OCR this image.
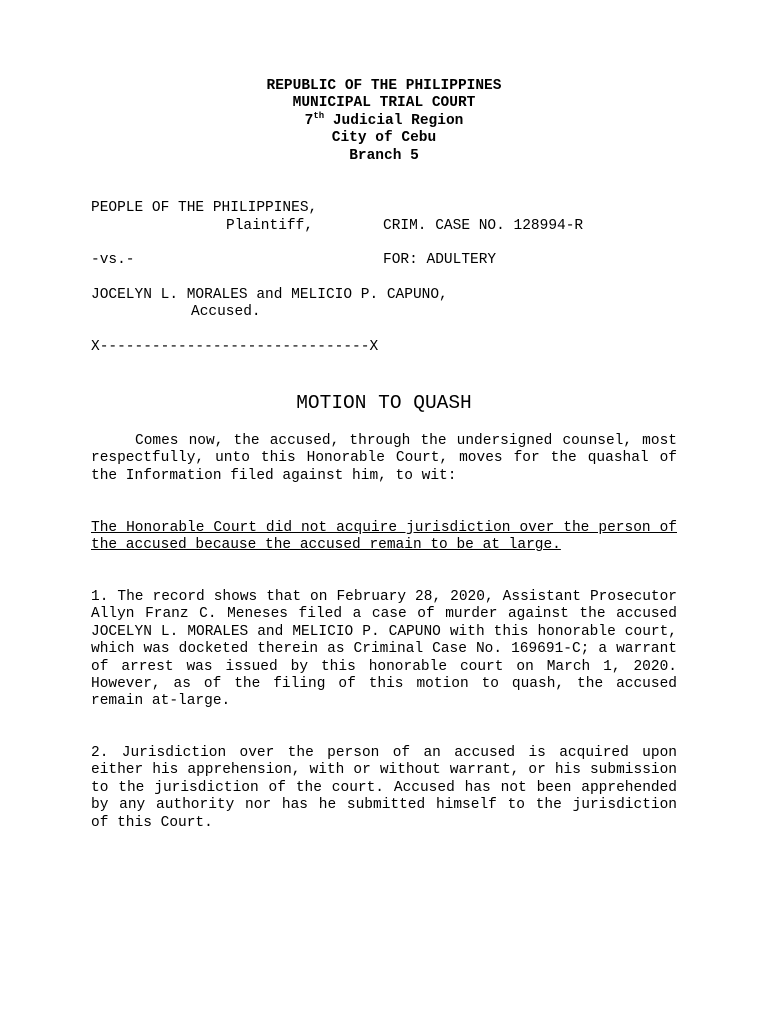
REPUBLIC OF THE PHILIPPINES
MUNICIPAL TRIAL COURT
7th Judicial Region
City of Cebu
Branch 5
PEOPLE OF THE PHILIPPINES,
Plaintiff,	CRIM. CASE NO. 128994-R
-vs.-	FOR: ADULTERY
JOCELYN L. MORALES and MELICIO P. CAPUNO,
Accused.
X-------------------------------X
MOTION TO QUASH
Comes now, the accused, through the undersigned counsel, most respectfully, unto this Honorable Court, moves for the quashal of the Information filed against him, to wit:
The Honorable Court did not acquire jurisdiction over the person of the accused because the accused remain to be at large.
1. The record shows that on February 28, 2020, Assistant Prosecutor Allyn Franz C. Meneses filed a case of murder against the accused JOCELYN L. MORALES and MELICIO P. CAPUNO with this honorable court, which was docketed therein as Criminal Case No. 169691-C; a warrant of arrest was issued by this honorable court on March 1, 2020. However, as of the filing of this motion to quash, the accused remain at-large.
2. Jurisdiction over the person of an accused is acquired upon either his apprehension, with or without warrant, or his submission to the jurisdiction of the court. Accused has not been apprehended by any authority nor has he submitted himself to the jurisdiction of this Court.
